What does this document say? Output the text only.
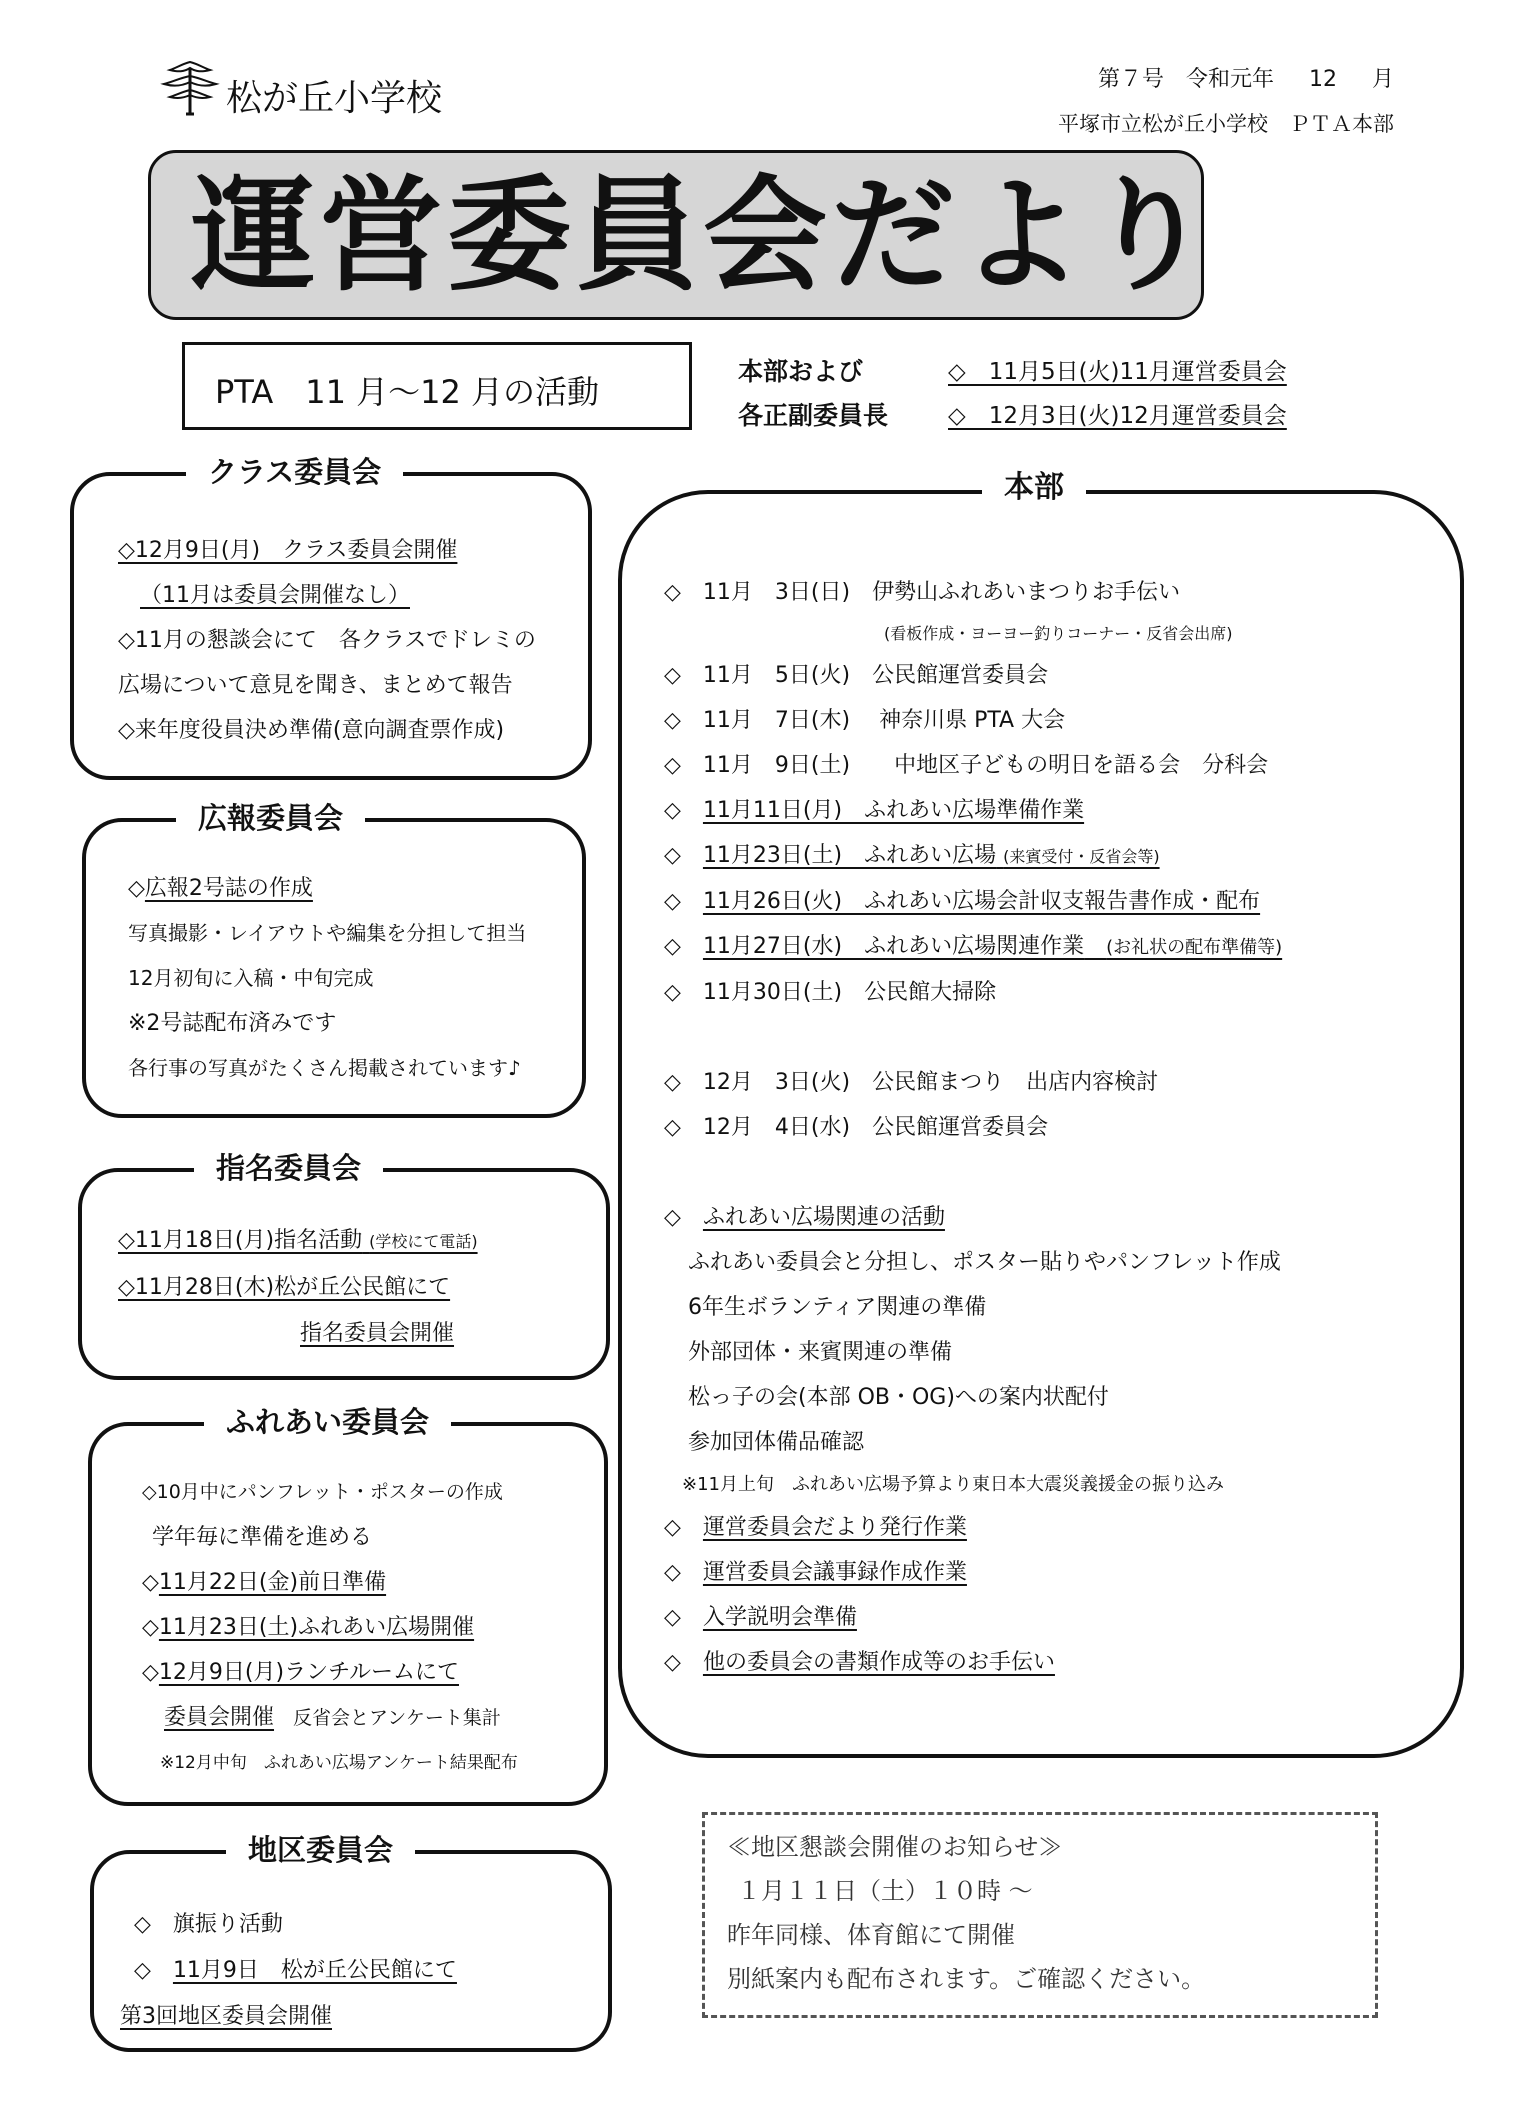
松が丘小学校	第７号　令和元年 12 月
平塚市立松が丘小学校　ＰＴＡ本部
運営委員会だより
PTA　11 月～12 月の活動
本部および
各正副委員長
◇　11月5日(火)11月運営委員会
◇　12月3日(火)12月運営委員会
クラス委員会
◇12月9日(月)　クラス委員会開催
（11月は委員会開催なし）
◇11月の懇談会にて　各クラスでドレミの
広場について意見を聞き、まとめて報告
◇来年度役員決め準備(意向調査票作成)
広報委員会
◇広報2号誌の作成
写真撮影・レイアウトや編集を分担して担当
12月初旬に入稿・中旬完成
※2号誌配布済みです
各行事の写真がたくさん掲載されています♪
指名委員会
◇11月18日(月)指名活動 (学校にて電話)
◇11月28日(木)松が丘公民館にて
指名委員会開催
ふれあい委員会
◇10月中にパンフレット・ポスターの作成
学年毎に準備を進める
◇11月22日(金)前日準備
◇11月23日(土)ふれあい広場開催
◇12月9日(月)ランチルームにて
委員会開催　反省会とアンケート集計
※12月中旬　ふれあい広場アンケート結果配布
地区委員会
◇　旗振り活動
◇　 11月9日　松が丘公民館にて
第3回地区委員会開催
本部
◇　11月　3日(日)　伊勢山ふれあいまつりお手伝い
(看板作成・ヨーヨー釣りコーナー・反省会出席)
◇　11月　5日(火)　公民館運営委員会
◇　11月　7日(木)　 神奈川県 PTA 大会
◇　11月　9日(土)　　中地区子どもの明日を語る会　分科会
◇　 11月11日(月)　ふれあい広場準備作業
◇　 11月23日(土)　ふれあい広場 (来賓受付・反省会等)
◇　 11月26日(火)　ふれあい広場会計収支報告書作成・配布
◇　 11月27日(水)　ふれあい広場関連作業　 (お礼状の配布準備等)
◇　11月30日(土)　公民館大掃除
◇　12月　3日(火)　公民館まつり　出店内容検討
◇　12月　4日(水)　公民館運営委員会
◇　 ふれあい広場関連の活動
ふれあい委員会と分担し、ポスター貼りやパンフレット作成
6年生ボランティア関連の準備
外部団体・来賓関連の準備
松っ子の会(本部 OB・OG)への案内状配付
参加団体備品確認
※11月上旬　ふれあい広場予算より東日本大震災義援金の振り込み
◇　 運営委員会だより発行作業
◇　 運営委員会議事録作成作業
◇　 入学説明会準備
◇　 他の委員会の書類作成等のお手伝い
≪地区懇談会開催のお知らせ≫
１月１１日（土）１０時 ～
昨年同様、体育館にて開催
別紙案内も配布されます。ご確認ください。
